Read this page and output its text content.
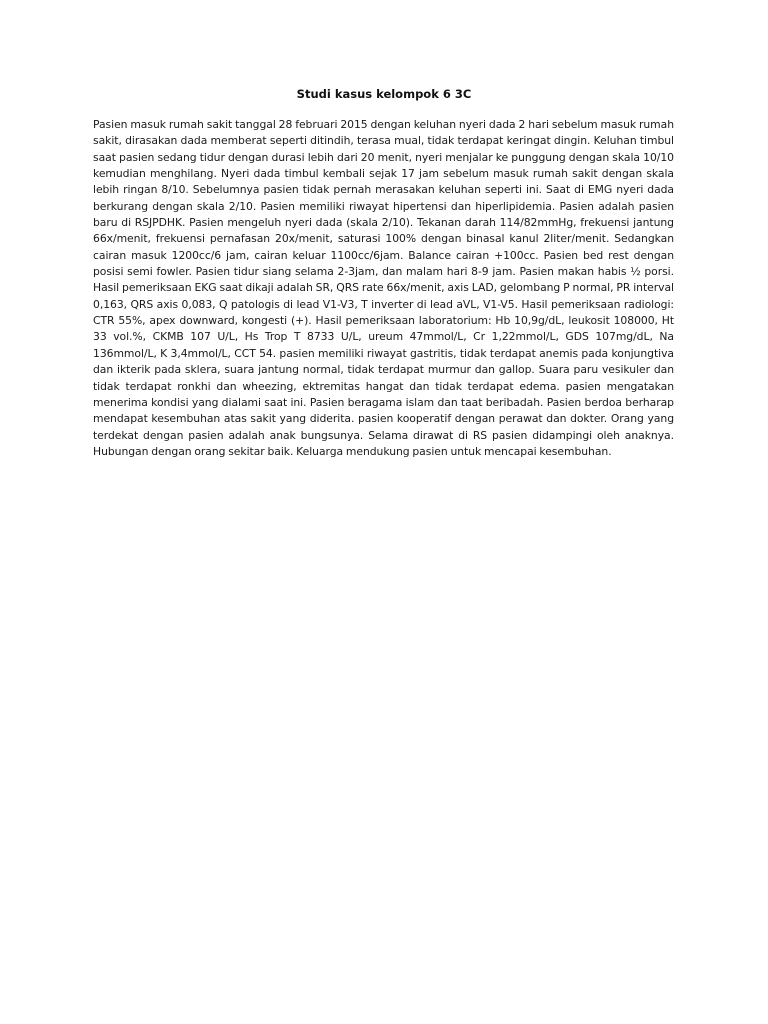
Studi kasus kelompok 6 3C

Pasien masuk rumah sakit tanggal 28 februari 2015 dengan keluhan nyeri dada 2 hari sebelum masuk rumah sakit, dirasakan dada memberat seperti ditindih, terasa mual, tidak terdapat keringat dingin. Keluhan timbul saat pasien sedang tidur dengan durasi lebih dari 20 menit, nyeri menjalar ke punggung dengan skala 10/10 kemudian menghilang. Nyeri dada timbul kembali sejak 17 jam sebelum masuk rumah sakit dengan skala lebih ringan 8/10. Sebelumnya pasien tidak pernah merasakan keluhan seperti ini. Saat di EMG nyeri dada berkurang dengan skala 2/10. Pasien memiliki riwayat hipertensi dan hiperlipidemia. Pasien adalah pasien baru di RSJPDHK. Pasien mengeluh nyeri dada (skala 2/10). Tekanan darah 114/82mmHg, frekuensi jantung 66x/menit, frekuensi pernafasan 20x/menit, saturasi 100% dengan binasal kanul 2liter/menit. Sedangkan cairan masuk 1200cc/6 jam, cairan keluar 1100cc/6jam. Balance cairan +100cc. Pasien bed rest dengan posisi semi fowler. Pasien tidur siang selama 2-3jam, dan malam hari 8-9 jam. Pasien makan habis ½ porsi. Hasil pemeriksaan EKG saat dikaji adalah SR, QRS rate 66x/menit, axis LAD, gelombang P normal, PR interval 0,163, QRS axis 0,083, Q patologis di lead V1-V3, T inverter di lead aVL, V1-V5. Hasil pemeriksaan radiologi: CTR 55%, apex downward, kongesti (+). Hasil pemeriksaan laboratorium: Hb 10,9g/dL, leukosit 108000, Ht 33 vol.%, CKMB 107 U/L, Hs Trop T 8733 U/L, ureum 47mmol/L, Cr 1,22mmol/L, GDS 107mg/dL, Na 136mmol/L, K 3,4mmol/L, CCT 54. pasien memiliki riwayat gastritis, tidak terdapat anemis pada konjungtiva dan ikterik pada sklera, suara jantung normal, tidak terdapat murmur dan gallop. Suara paru vesikuler dan tidak terdapat ronkhi dan wheezing, ektremitas hangat dan tidak terdapat edema. pasien mengatakan menerima kondisi yang dialami saat ini. Pasien beragama islam dan taat beribadah. Pasien berdoa berharap mendapat kesembuhan atas sakit yang diderita. pasien kooperatif dengan perawat dan dokter. Orang yang terdekat dengan pasien adalah anak bungsunya. Selama dirawat di RS pasien didampingi oleh anaknya. Hubungan dengan orang sekitar baik. Keluarga mendukung pasien untuk mencapai kesembuhan.
